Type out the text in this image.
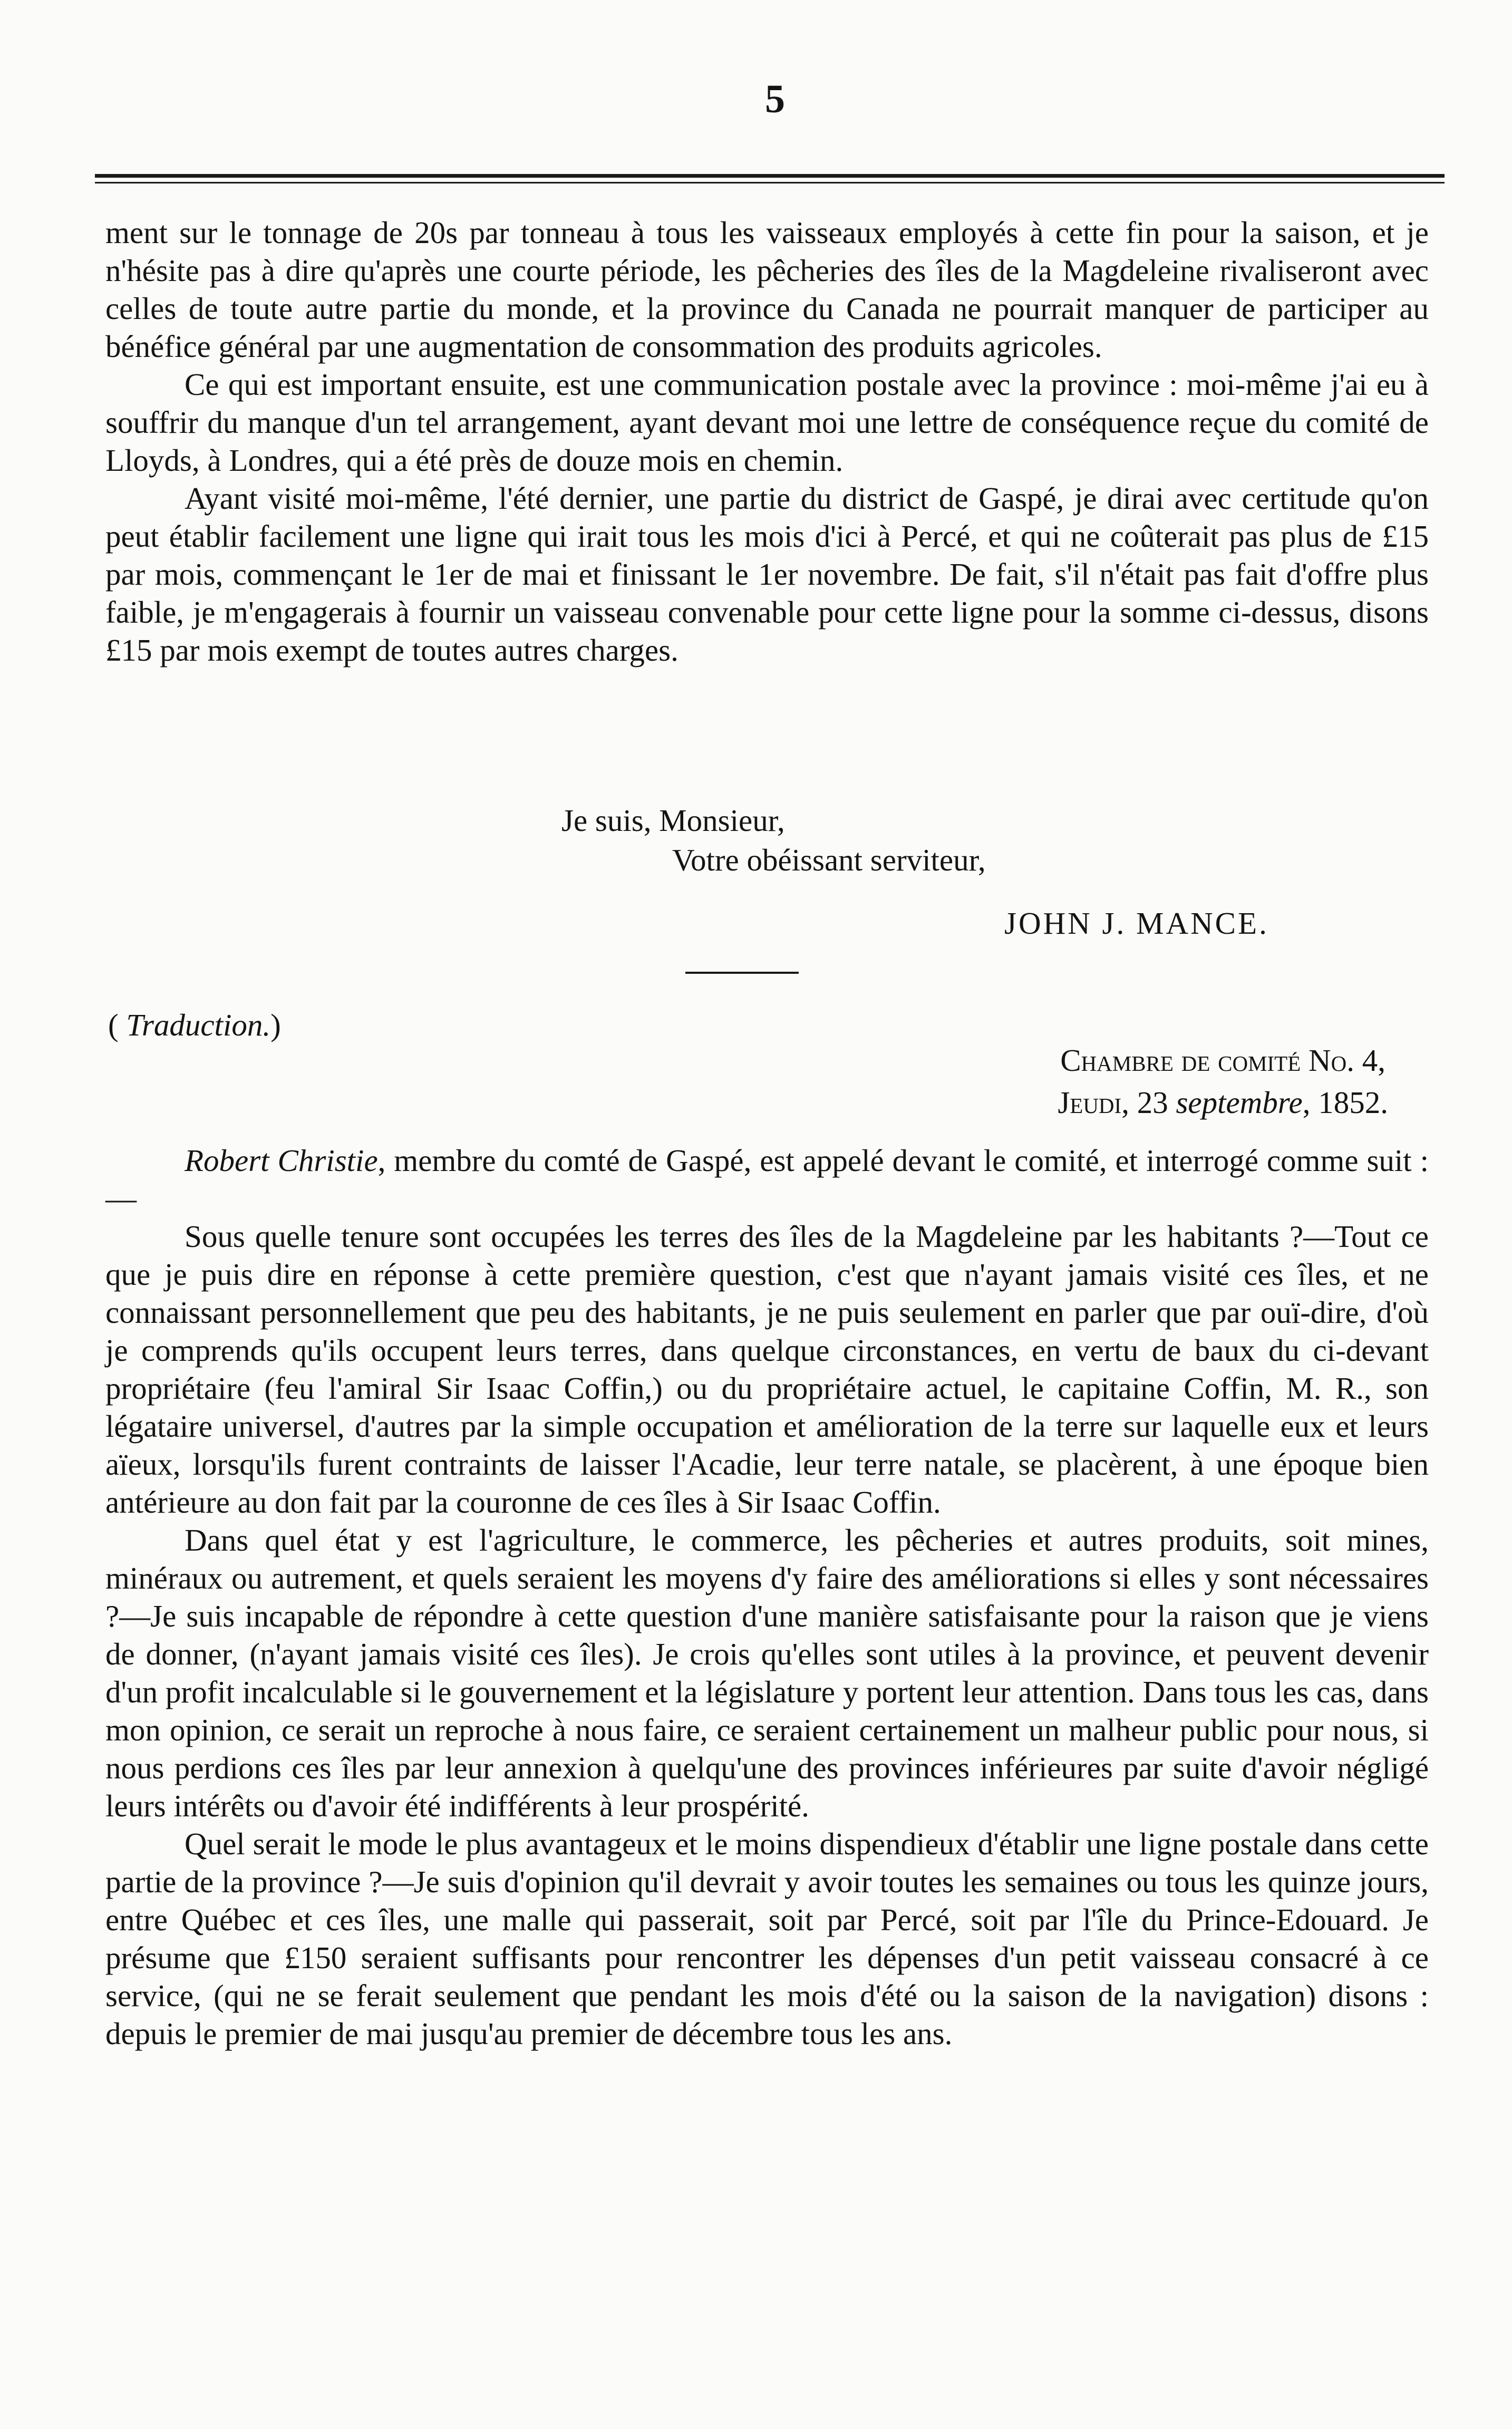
5

ment sur le tonnage de 20s par tonneau à tous les vaisseaux employés à cette fin pour la saison, et je n'hésite pas à dire qu'après une courte période, les pêcheries des îles de la Magdeleine rivaliseront avec celles de toute autre partie du monde, et la province du Canada ne pourrait manquer de participer au bénéfice général par une augmentation de consommation des produits agricoles.

Ce qui est important ensuite, est une communication postale avec la province : moi-même j'ai eu à souffrir du manque d'un tel arrangement, ayant devant moi une lettre de conséquence reçue du comité de Lloyds, à Londres, qui a été près de douze mois en chemin.

Ayant visité moi-même, l'été dernier, une partie du district de Gaspé, je dirai avec certitude qu'on peut établir facilement une ligne qui irait tous les mois d'ici à Percé, et qui ne coûterait pas plus de £15 par mois, commençant le 1er de mai et finissant le 1er novembre. De fait, s'il n'était pas fait d'offre plus faible, je m'engagerais à fournir un vaisseau convenable pour cette ligne pour la somme ci-dessus, disons £15 par mois exempt de toutes autres charges.

Je suis, Monsieur,
Votre obéissant serviteur,
JOHN J. MANCE.
( Traduction.)
Chambre de comité No. 4,
Jeudi, 23 septembre, 1852.

Robert Christie, membre du comté de Gaspé, est appelé devant le comité, et interrogé comme suit :—

Sous quelle tenure sont occupées les terres des îles de la Magdeleine par les habitants ?—Tout ce que je puis dire en réponse à cette première question, c'est que n'ayant jamais visité ces îles, et ne connaissant personnellement que peu des habitants, je ne puis seulement en parler que par ouï-dire, d'où je comprends qu'ils occupent leurs terres, dans quelque circonstances, en vertu de baux du ci-devant propriétaire (feu l'amiral Sir Isaac Coffin,) ou du propriétaire actuel, le capitaine Coffin, M. R., son légataire universel, d'autres par la simple occupation et amélioration de la terre sur laquelle eux et leurs aïeux, lorsqu'ils furent contraints de laisser l'Acadie, leur terre natale, se placèrent, à une époque bien antérieure au don fait par la couronne de ces îles à Sir Isaac Coffin.

Dans quel état y est l'agriculture, le commerce, les pêcheries et autres produits, soit mines, minéraux ou autrement, et quels seraient les moyens d'y faire des améliorations si elles y sont nécessaires ?—Je suis incapable de répondre à cette question d'une manière satisfaisante pour la raison que je viens de donner, (n'ayant jamais visité ces îles). Je crois qu'elles sont utiles à la province, et peuvent devenir d'un profit incalculable si le gouvernement et la législature y portent leur attention. Dans tous les cas, dans mon opinion, ce serait un reproche à nous faire, ce seraient certainement un malheur public pour nous, si nous perdions ces îles par leur annexion à quelqu'une des provinces inférieures par suite d'avoir négligé leurs intérêts ou d'avoir été indifférents à leur prospérité.

Quel serait le mode le plus avantageux et le moins dispendieux d'établir une ligne postale dans cette partie de la province ?—Je suis d'opinion qu'il devrait y avoir toutes les semaines ou tous les quinze jours, entre Québec et ces îles, une malle qui passerait, soit par Percé, soit par l'île du Prince-Edouard. Je présume que £150 seraient suffisants pour rencontrer les dépenses d'un petit vaisseau consacré à ce service, (qui ne se ferait seulement que pendant les mois d'été ou la saison de la navigation) disons : depuis le premier de mai jusqu'au premier de décembre tous les ans.
